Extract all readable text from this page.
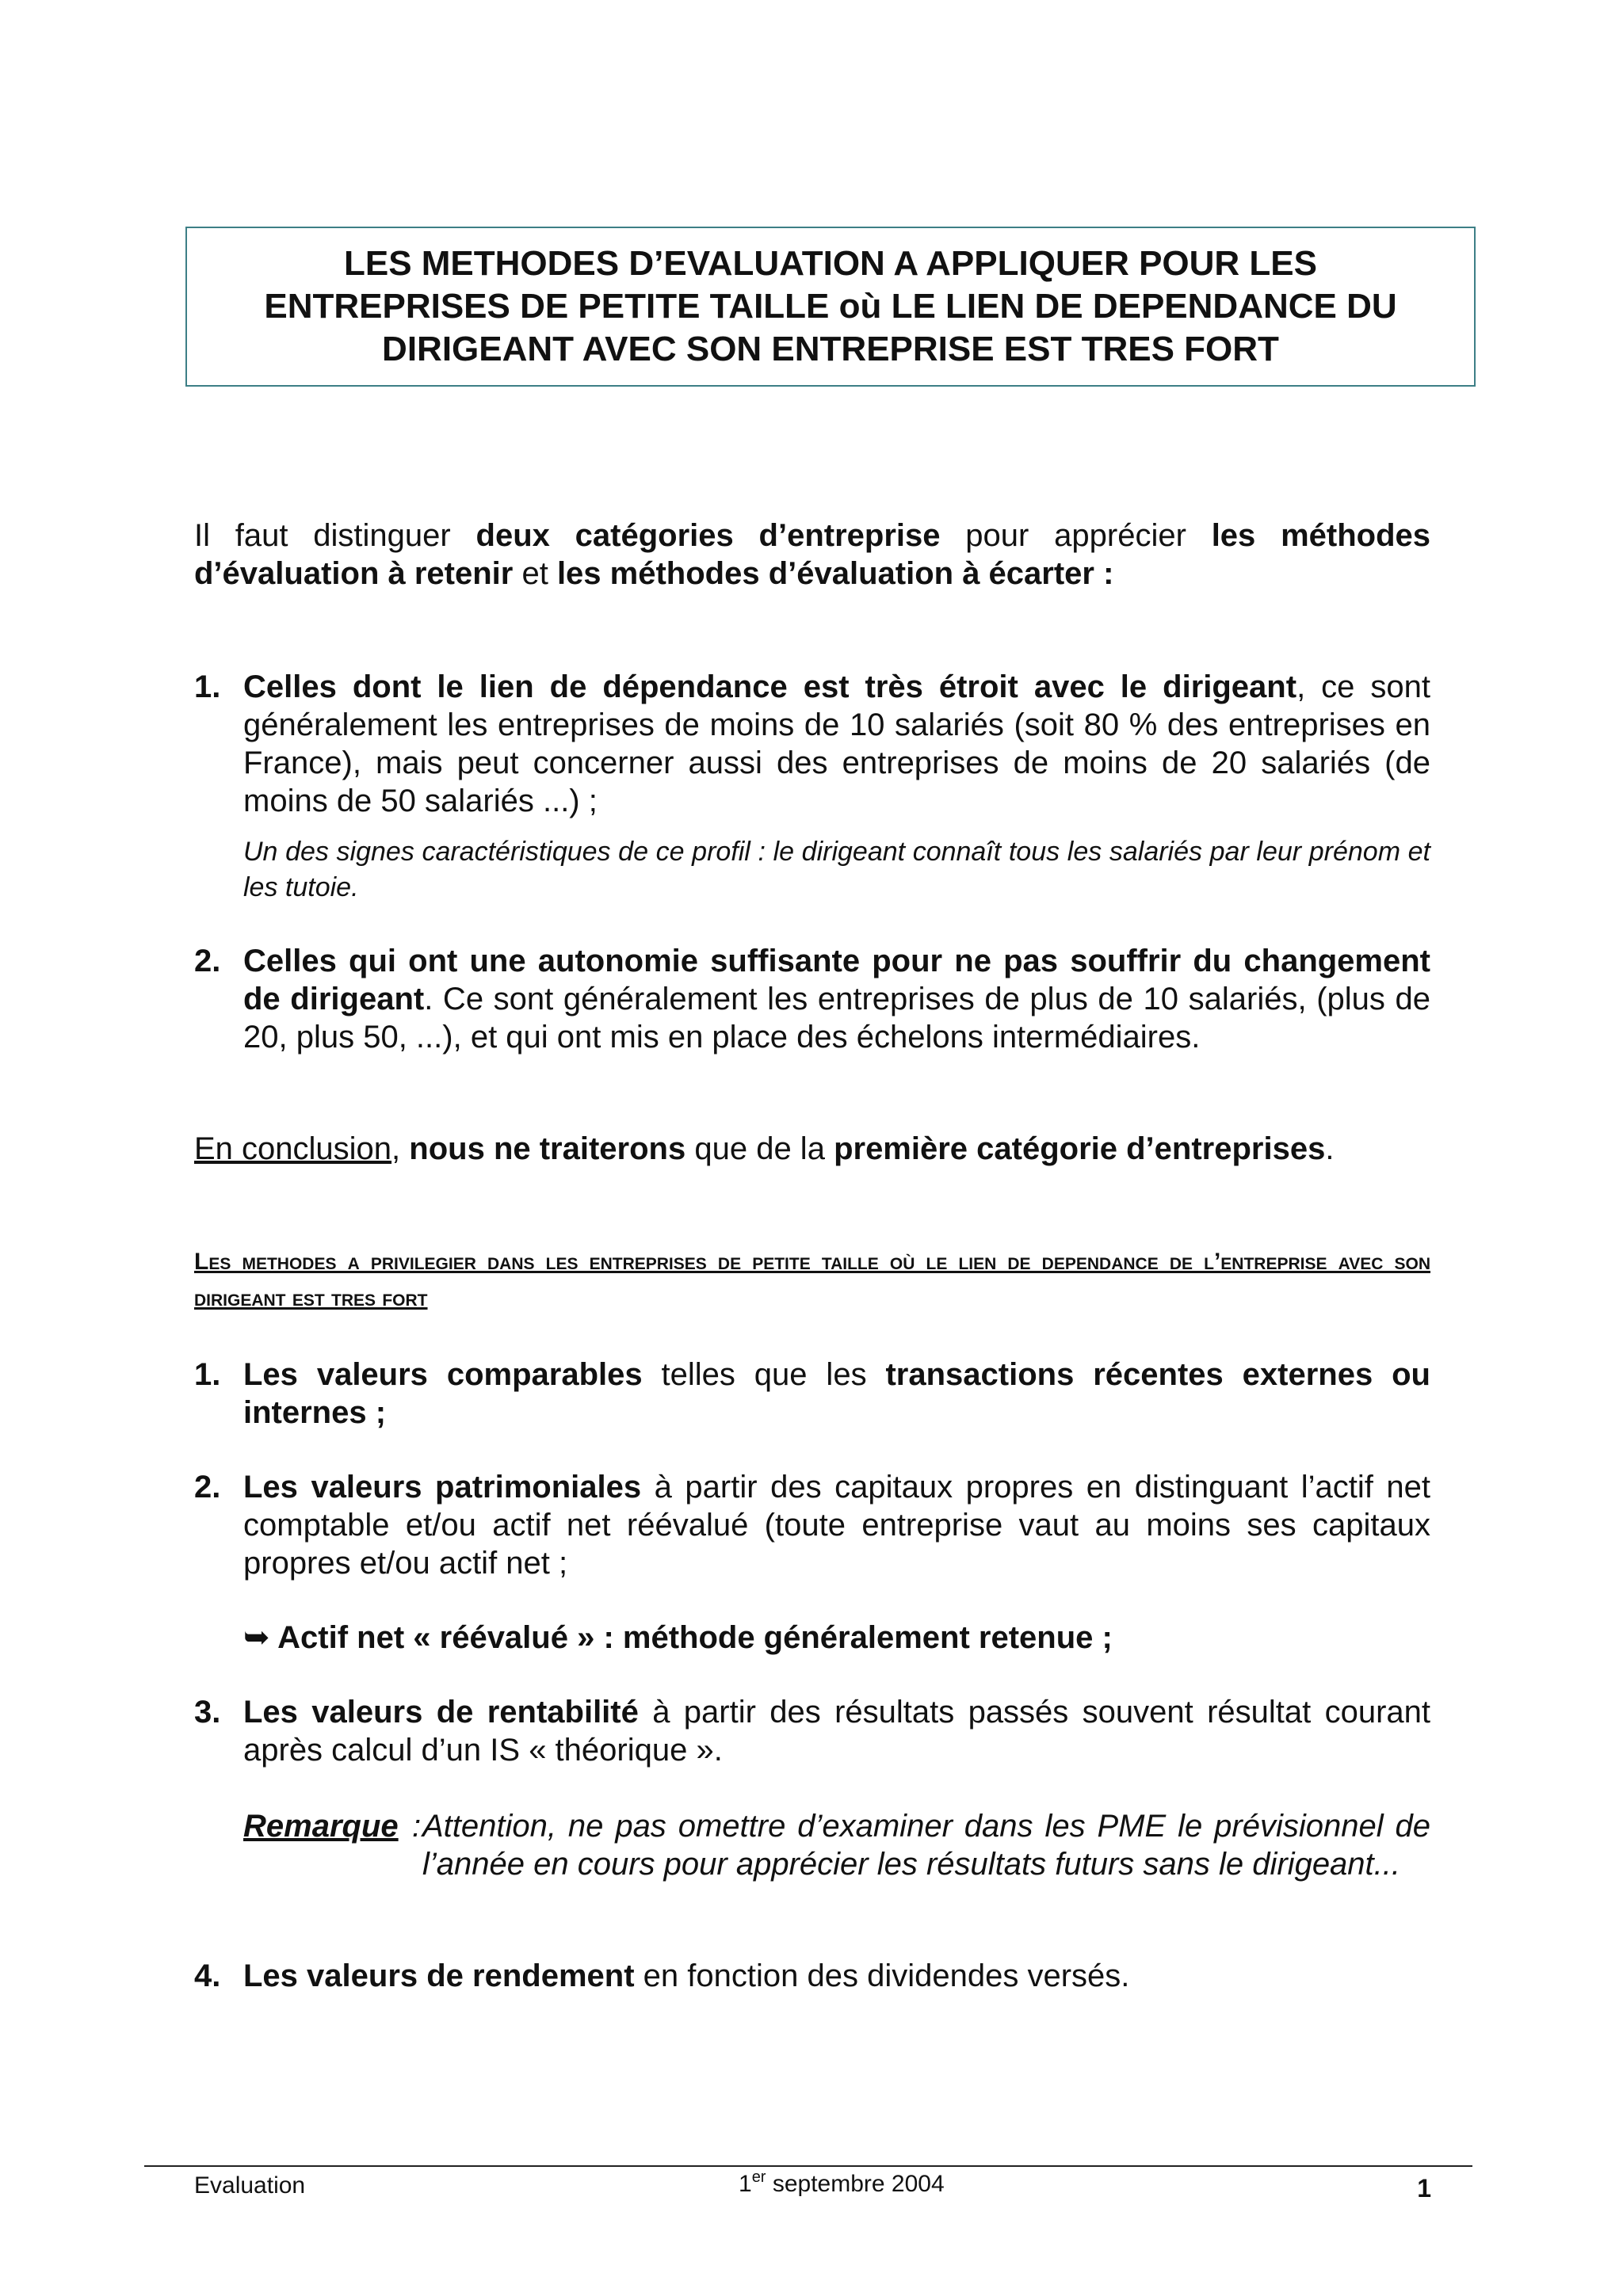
LES METHODES D’EVALUATION A APPLIQUER POUR LES
ENTREPRISES DE PETITE TAILLE où LE LIEN DE DEPENDANCE DU
DIRIGEANT AVEC SON ENTREPRISE EST TRES FORT
Il faut distinguer deux catégories d’entreprise pour apprécier les méthodes d’évaluation à retenir et les méthodes d’évaluation à écarter :
1. Celles dont le lien de dépendance est très étroit avec le dirigeant, ce sont généralement les entreprises de moins de 10 salariés (soit 80 % des entreprises en France), mais peut concerner aussi des entreprises de moins de 20 salariés (de moins de 50 salariés ...) ;
Un des signes caractéristiques de ce profil : le dirigeant connaît tous les salariés par leur prénom et les tutoie.
2. Celles qui ont une autonomie suffisante pour ne pas souffrir du changement de dirigeant. Ce sont généralement les entreprises de plus de 10 salariés, (plus de 20, plus 50, ...), et qui ont mis en place des échelons intermédiaires.
En conclusion, nous ne traiterons que de la première catégorie d’entreprises.
Les methodes a privilegier dans les entreprises de petite taille où le lien de dependance de l’entreprise avec son dirigeant est tres fort
1. Les valeurs comparables telles que les transactions récentes externes ou internes ;
2. Les valeurs patrimoniales à partir des capitaux propres en distinguant l’actif net comptable et/ou actif net réévalué (toute entreprise vaut au moins ses capitaux propres et/ou actif net ;
➥ Actif net « réévalué » : méthode généralement retenue ;
3. Les valeurs de rentabilité à partir des résultats passés souvent résultat courant après calcul d’un IS « théorique ».
Remarque : Attention, ne pas omettre d’examiner dans les PME le prévisionnel de l’année en cours pour apprécier les résultats futurs sans le dirigeant...
4. Les valeurs de rendement en fonction des dividendes versés.
Evaluation	1er septembre 2004	1
